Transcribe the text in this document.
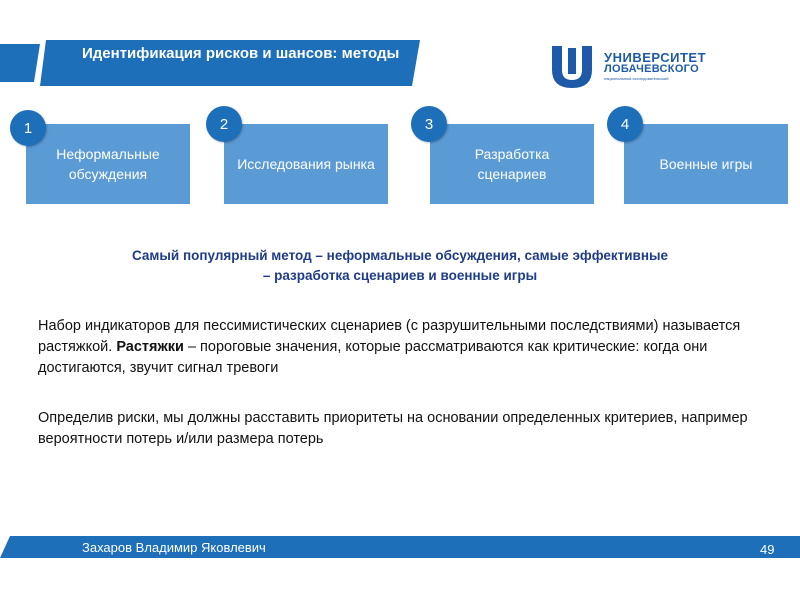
Идентификация рисков и шансов: методы	УНИВЕРСИТЕТ
ЛОБАЧЕВСКОГО
национальный исследовательский
Неформальные обсуждения
1
Исследования рынка
2
Разработка сценариев
3
Военные игры
4
Самый популярный метод – неформальные обсуждения, самые эффективные
– разработка сценариев и военные игры
Набор индикаторов для пессимистических сценариев (с разрушительными последствиями) называется растяжкой. Растяжки – пороговые значения, которые рассматриваются как критические: когда они достигаются, звучит сигнал тревоги
Определив риски, мы должны расставить приоритеты на основании определенных критериев, например вероятности потерь и/или размера потерь
Захаров Владимир Яковлевич	49
